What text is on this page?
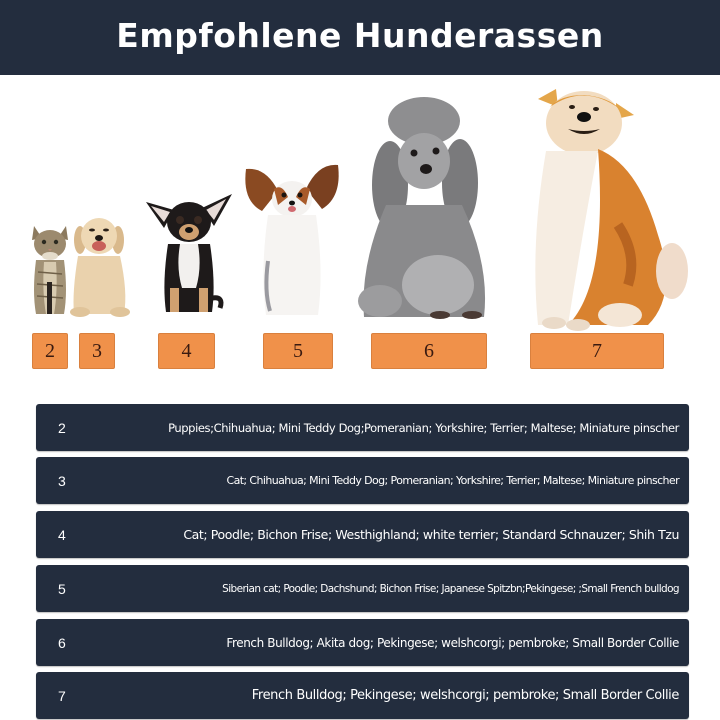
Empfohlene Hunderassen
2	3	4	5	6	7
2	Puppies;Chihuahua; Mini Teddy Dog;Pomeranian; Yorkshire; Terrier; Maltese; Miniature pinscher
3	Cat; Chihuahua; Mini Teddy Dog; Pomeranian; Yorkshire; Terrier; Maltese; Miniature pinscher
4	Cat; Poodle; Bichon Frise; Westhighland; white terrier; Standard Schnauzer; Shih Tzu
5	Siberian cat; Poodle; Dachshund; Bichon Frise; Japanese Spitzbn;Pekingese; ;Small French bulldog
6	French Bulldog; Akita dog; Pekingese; welshcorgi; pembroke; Small Border Collie
7	French Bulldog; Pekingese; welshcorgi; pembroke; Small Border Collie
